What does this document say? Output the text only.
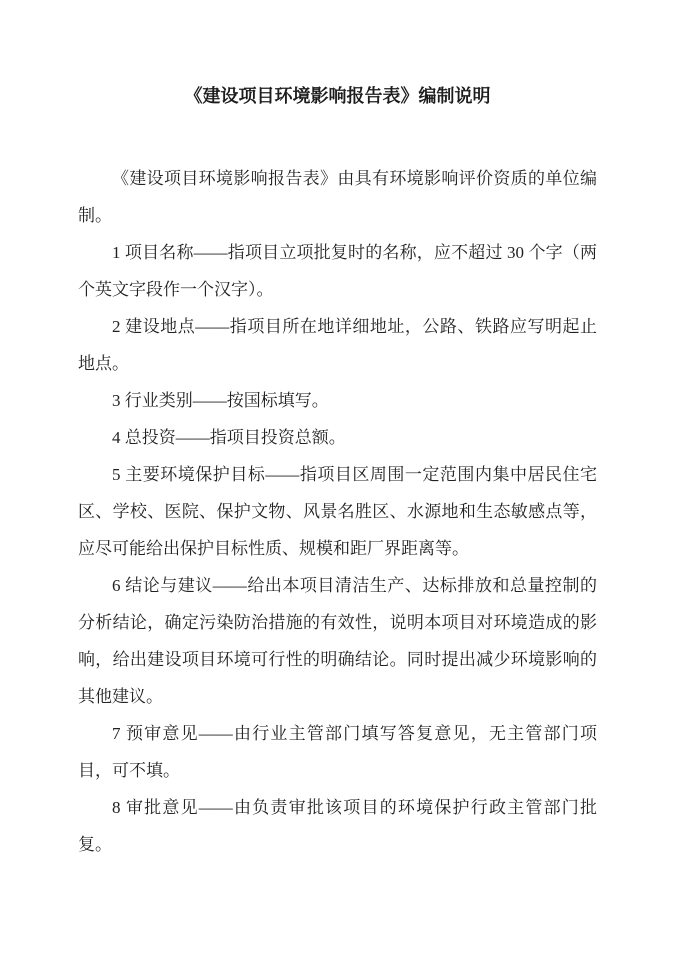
《建设项目环境影响报告表》编制说明

《建设项目环境影响报告表》由具有环境影响评价资质的单位编制。

1 项目名称——指项目立项批复时的名称，应不超过 30 个字（两个英文字段作一个汉字）。

2 建设地点——指项目所在地详细地址，公路、铁路应写明起止地点。

3 行业类别——按国标填写。

4 总投资——指项目投资总额。

5 主要环境保护目标——指项目区周围一定范围内集中居民住宅区、学校、医院、保护文物、风景名胜区、水源地和生态敏感点等，应尽可能给出保护目标性质、规模和距厂界距离等。

6 结论与建议——给出本项目清洁生产、达标排放和总量控制的分析结论，确定污染防治措施的有效性，说明本项目对环境造成的影响，给出建设项目环境可行性的明确结论。同时提出减少环境影响的其他建议。

7 预审意见——由行业主管部门填写答复意见，无主管部门项目，可不填。

8 审批意见——由负责审批该项目的环境保护行政主管部门批复。
